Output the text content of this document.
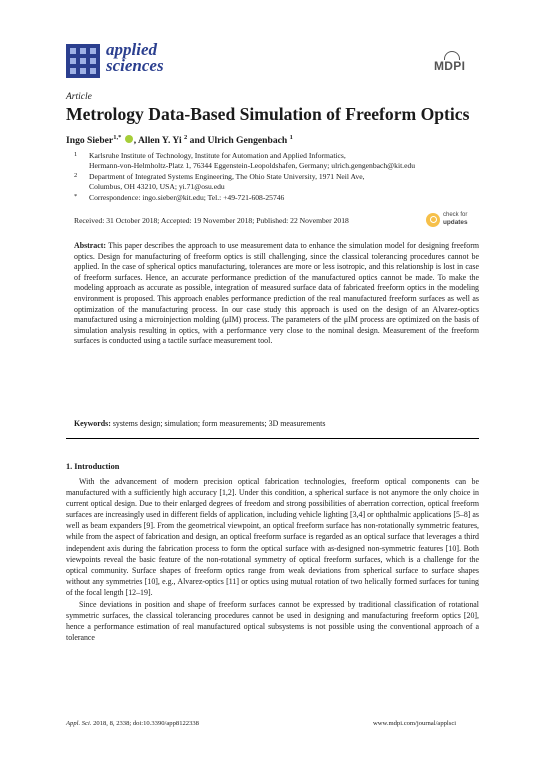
applied
sciences	MDPI
Article
Metrology Data-Based Simulation of Freeform Optics
Ingo Sieber$^{1,*}$ , Allen Y. Yi $^2$ and Ulrich Gengenbach $^1$
1 Karlsruhe Institute of Technology, Institute for Automation and Applied Informatics,
Hermann-von-Helmholtz-Platz 1, 76344 Eggenstein-Leopoldshafen, Germany; ulrich.gengenbach@kit.edu
2 Department of Integrated Systems Engineering, The Ohio State University, 1971 Neil Ave,
Columbus, OH 43210, USA; yi.71@osu.edu
* Correspondence: ingo.sieber@kit.edu; Tel.: +49-721-608-25746
Received: 31 October 2018; Accepted: 19 November 2018; Published: 22 November 2018
check for
updates
Abstract: This paper describes the approach to use measurement data to enhance the simulation model for designing freeform optics. Design for manufacturing of freeform optics is still challenging, since the classical tolerancing procedures cannot be applied. In the case of spherical optics manufacturing, tolerances are more or less isotropic, and this relationship is lost in case of freeform surfaces. Hence, an accurate performance prediction of the manufactured optics cannot be made. To make the modeling approach as accurate as possible, integration of measured surface data of fabricated freeform optics in the modeling environment is proposed. This approach enables performance prediction of the real manufactured freeform surfaces as well as optimization of the manufacturing process. In our case study this approach is used on the design of an Alvarez-optics manufactured using a microinjection molding (μIM) process. The parameters of the μIM process are optimized on the basis of simulation analysis resulting in optics, with a performance very close to the nominal design. Measurement of the freeform surfaces is conducted using a tactile surface measurement tool.
Keywords: systems design; simulation; form measurements; 3D measurements
1. Introduction

With the advancement of modern precision optical fabrication technologies, freeform optical components can be manufactured with a sufficiently high accuracy [1,2]. Under this condition, a spherical surface is not anymore the only choice in current optical design. Due to their enlarged degrees of freedom and strong possibilities of aberration correction, optical freeform surfaces are increasingly used in different fields of application, including vehicle lighting [3,4] or ophthalmic applications [5–8] as well as beam expanders [9]. From the geometrical viewpoint, an optical freeform surface has non-rotationally symmetric features, while from the aspect of fabrication and design, an optical freeform surface is regarded as an optical surface that leverages a third independent axis during the fabrication process to form the optical surface with as-designed non-symmetric features [10]. Both viewpoints reveal the basic feature of the non-rotational symmetry of optical freeform surfaces, which is a challenge for the optical community. Surface shapes of freeform optics range from weak deviations from spherical surface to surface shapes without any symmetries [10], e.g., Alvarez-optics [11] or optics using mutual rotation of two helically formed surfaces for tuning of the focal length [12–19].

Since deviations in position and shape of freeform surfaces cannot be expressed by traditional classification of rotational symmetric surfaces, the classical tolerancing procedures cannot be used in designing and manufacturing freeform optics [20], hence a performance estimation of real manufactured optical subsystems is not possible using the conventional approach of a tolerance

Appl. Sci. 2018, 8, 2338; doi:10.3390/app8122338	www.mdpi.com/journal/applsci
